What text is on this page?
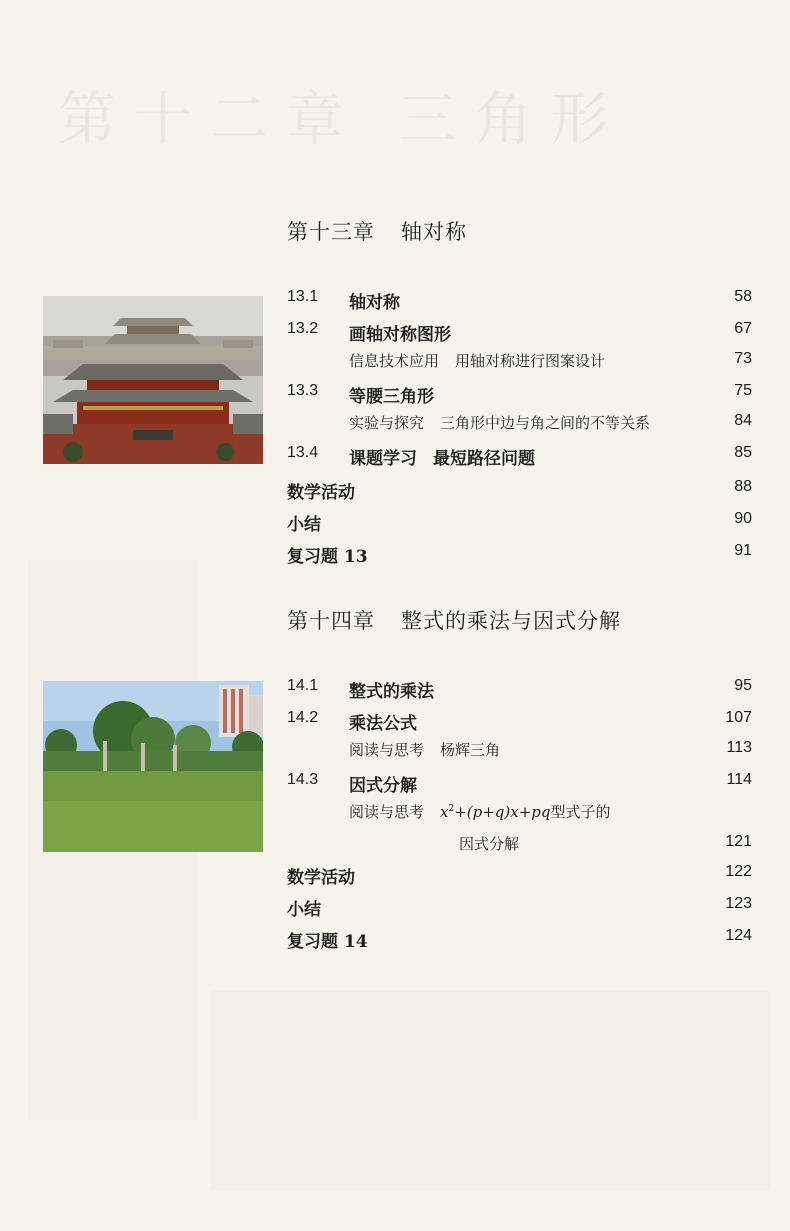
第十二章 三角形
第十三章 轴对称
13.1 轴对称	58
13.2 画轴对称图形	67
信息技术应用 用轴对称进行图案设计	73
13.3 等腰三角形	75
实验与探究 三角形中边与角之间的不等关系	84
13.4 课题学习 最短路径问题	85
数学活动	88
小结	90
复习题 13	91
第十四章 整式的乘法与因式分解
14.1 整式的乘法	95
14.2 乘法公式	107
阅读与思考 杨辉三角	113
14.3 因式分解	114
阅读与思考 $x^2+(p+q)x+pq$型式子的
因式分解	121
数学活动	122
小结	123
复习题 14	124
